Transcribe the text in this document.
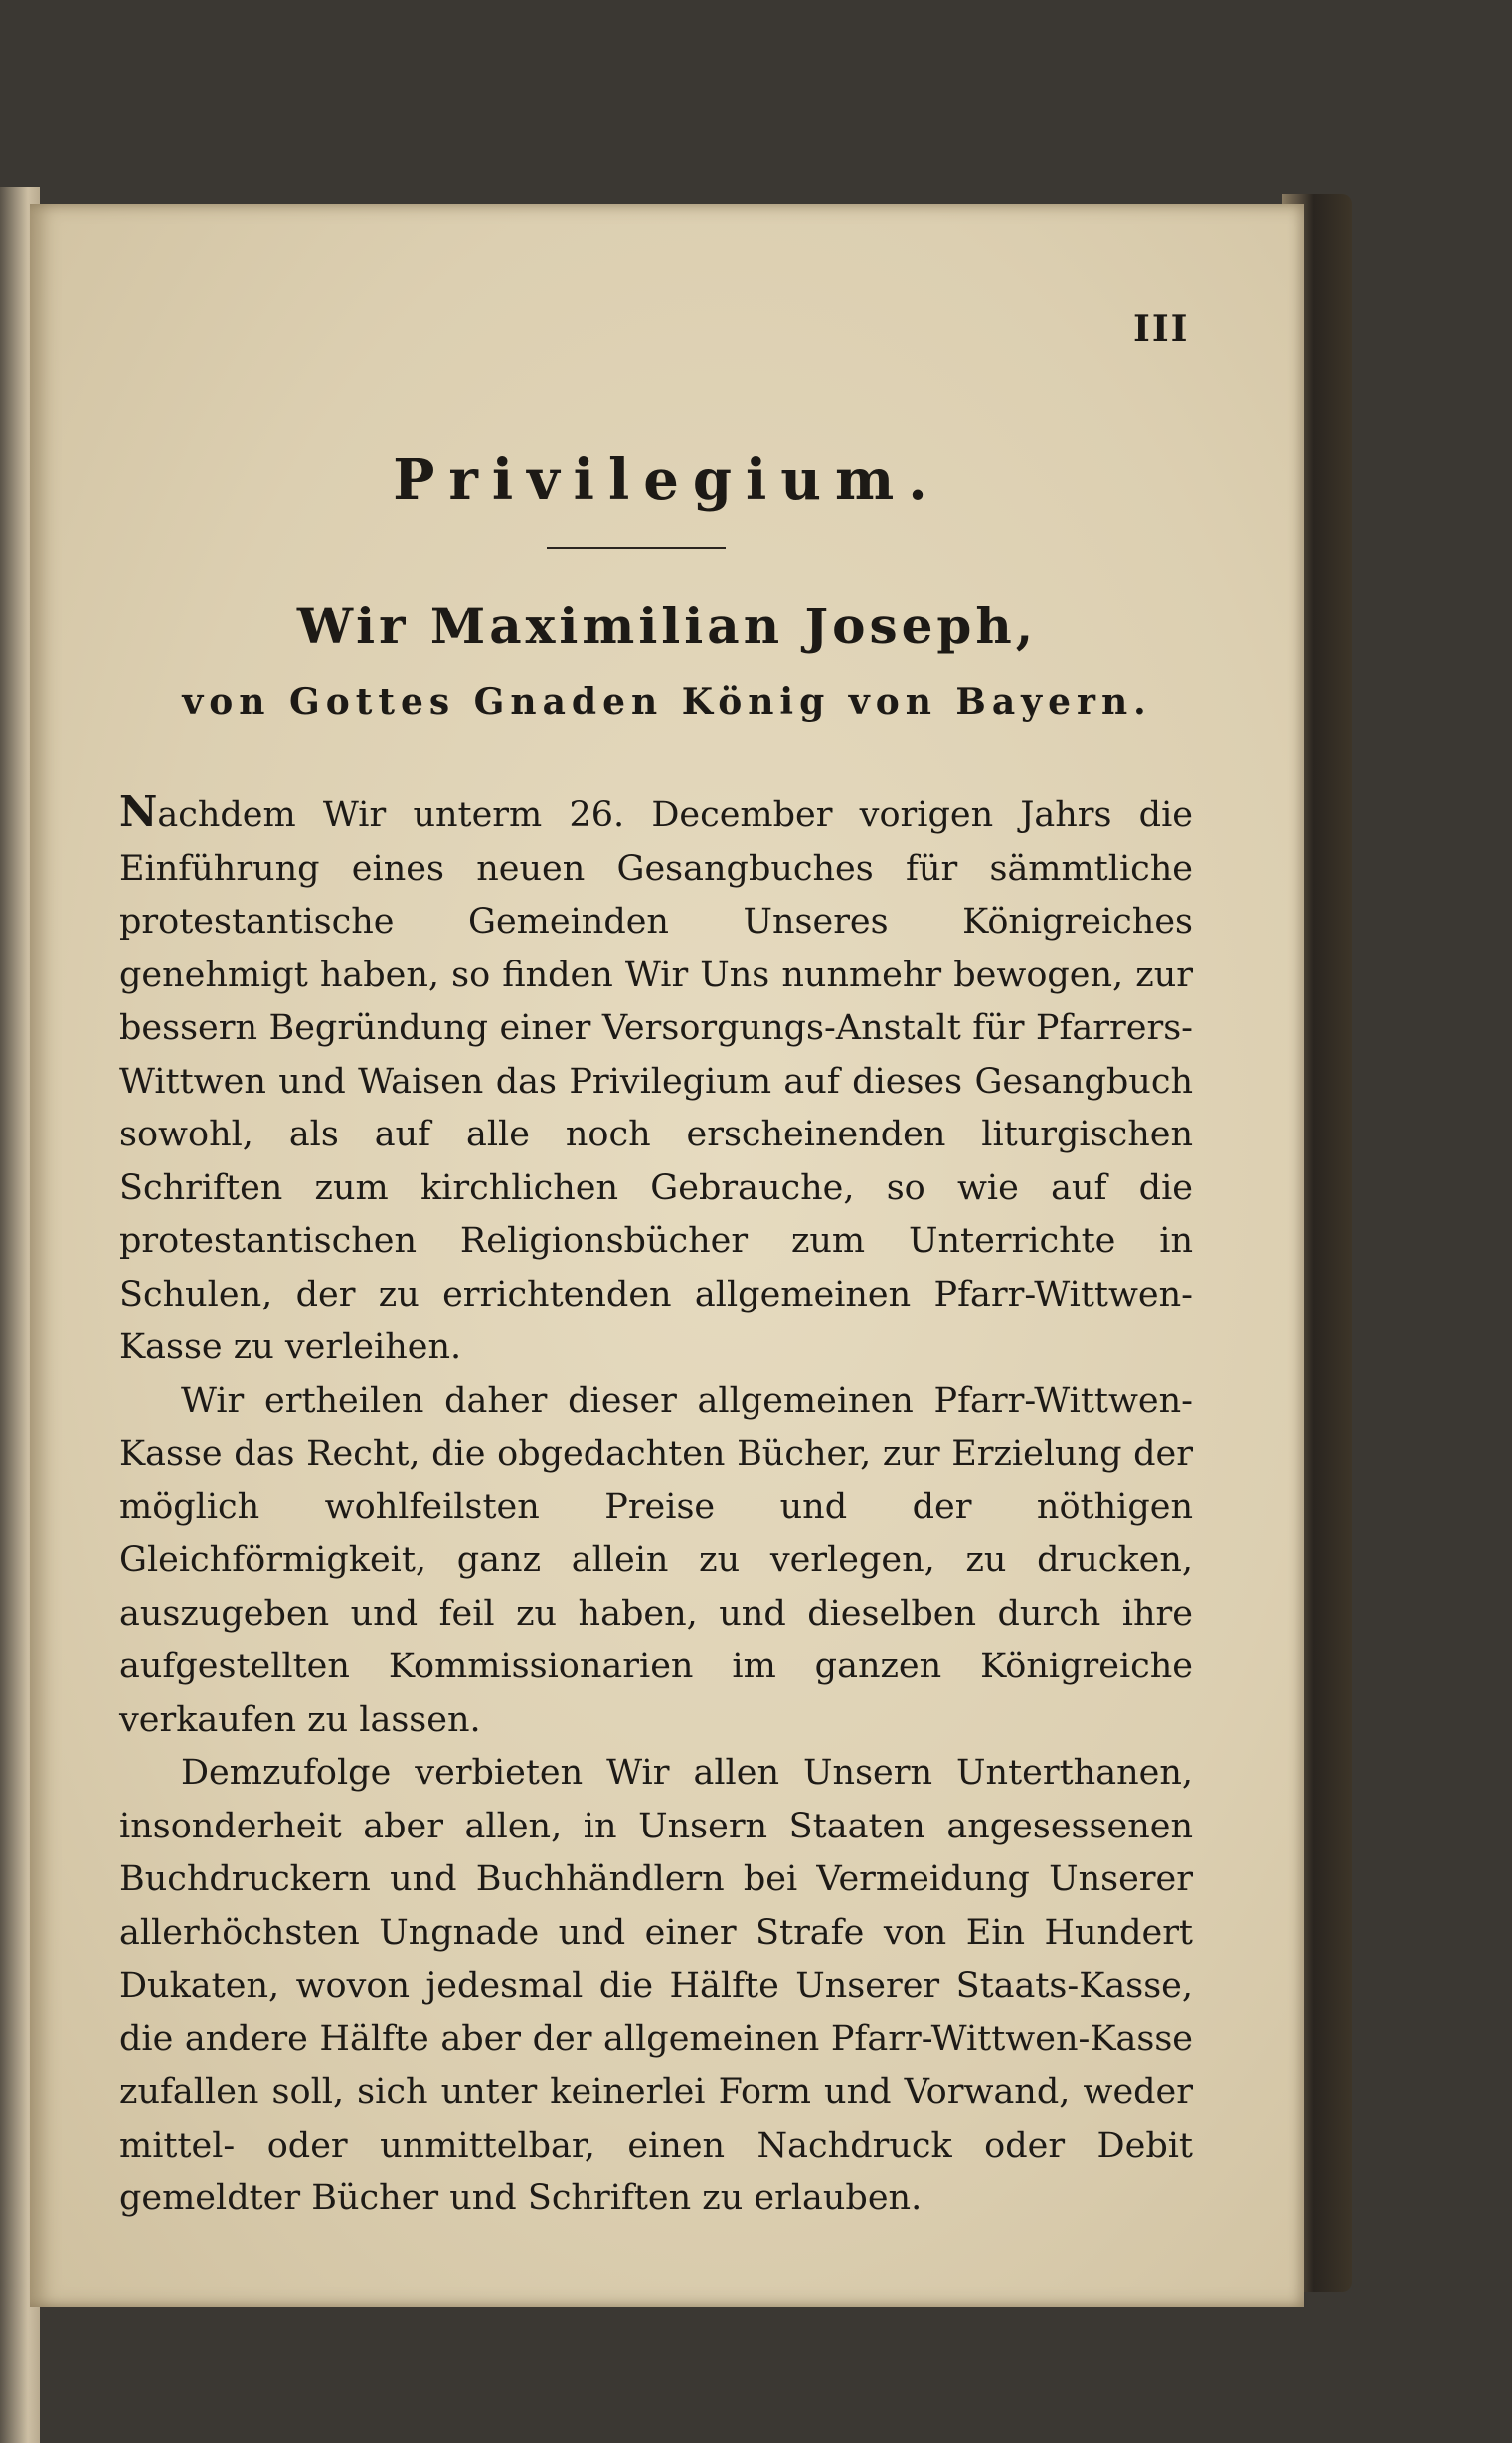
III
Privilegium.
Wir Maximilian Joseph,
von Gottes Gnaden König von Bayern.

Nachdem Wir unterm 26. December vorigen Jahrs die Einführung eines neuen Gesangbuches für sämmtliche protestantische Gemeinden Unseres Königreiches genehmigt haben, so finden Wir Uns nunmehr bewogen, zur bessern Begründung einer Versorgungs-Anstalt für Pfarrers-Wittwen und Waisen das Privilegium auf dieses Gesangbuch sowohl, als auf alle noch erscheinenden liturgischen Schriften zum kirchlichen Gebrauche, so wie auf die protestantischen Religionsbücher zum Unterrichte in Schulen, der zu errichtenden allgemeinen Pfarr-Wittwen-Kasse zu verleihen.

Wir ertheilen daher dieser allgemeinen Pfarr-Wittwen-Kasse das Recht, die obgedachten Bücher, zur Erzielung der möglich wohlfeilsten Preise und der nöthigen Gleichförmigkeit, ganz allein zu verlegen, zu drucken, auszugeben und feil zu haben, und dieselben durch ihre aufgestellten Kommissionarien im ganzen Königreiche verkaufen zu lassen.

Demzufolge verbieten Wir allen Unsern Unterthanen, insonderheit aber allen, in Unsern Staaten angesessenen Buchdruckern und Buchhändlern bei Vermeidung Unserer allerhöchsten Ungnade und einer Strafe von Ein Hundert Dukaten, wovon jedesmal die Hälfte Unserer Staats-Kasse, die andere Hälfte aber der allgemeinen Pfarr-Wittwen-Kasse zufallen soll, sich unter keinerlei Form und Vorwand, weder mittel- oder unmittelbar, einen Nachdruck oder Debit gemeldter Bücher und Schriften zu erlauben.
